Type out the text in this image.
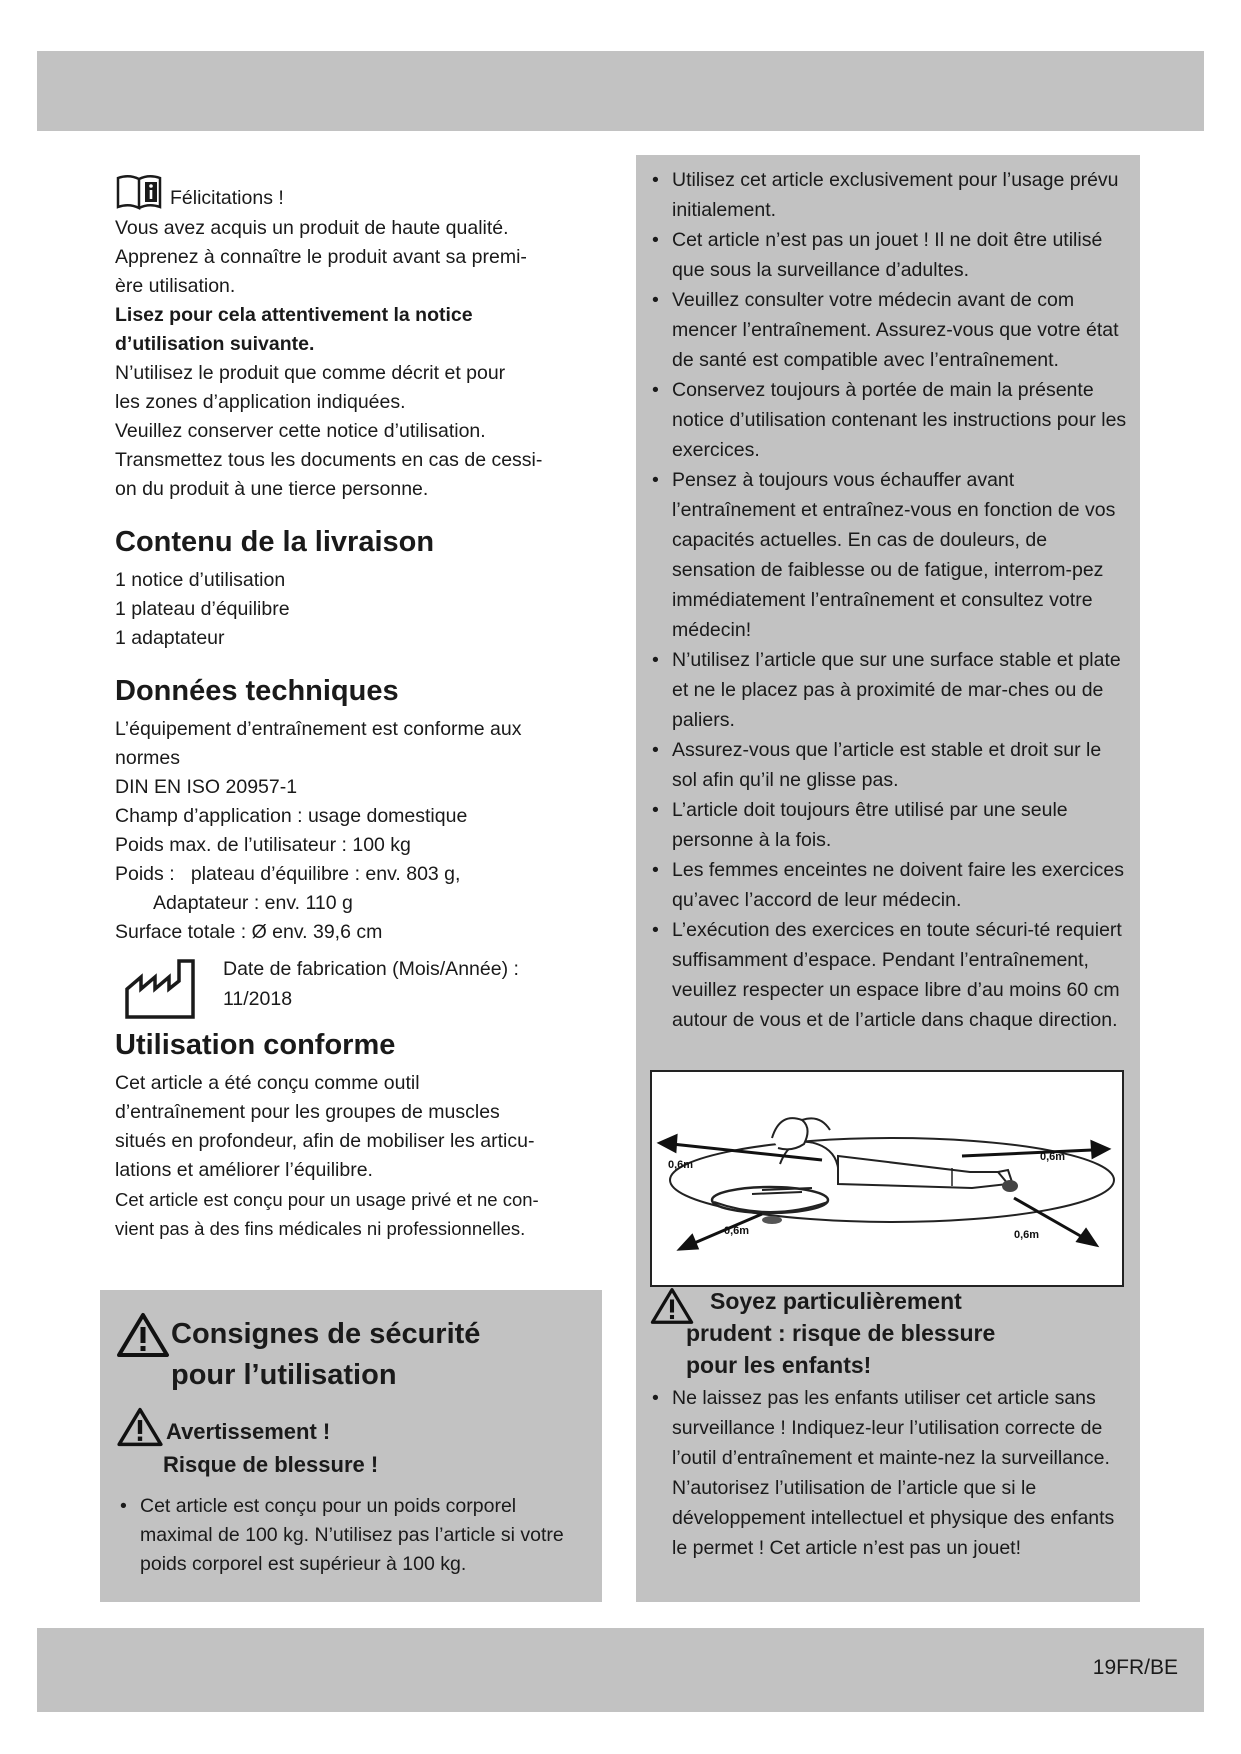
Félicitations !

Vous avez acquis un produit de haute qualité.

Apprenez à connaître le produit avant sa premi-

ère utilisation.

Lisez pour cela attentivement la notice

d’utilisation suivante.

N’utilisez le produit que comme décrit et pour

les zones d’application indiquées.

Veuillez conserver cette notice d’utilisation.

Transmettez tous les documents en cas de cessi-

on du produit à une tierce personne.

Contenu de la livraison

1 notice d’utilisation

1 plateau d’équilibre

1 adaptateur

Données techniques

L’équipement d’entraînement est conforme aux

normes

DIN EN ISO 20957-1

Champ d’application : usage domestique

Poids max. de l’utilisateur : 100 kg

Poids :   plateau d’équilibre : env. 803 g,

Adaptateur : env. 110 g

Surface totale : Ø env. 39,6 cm

Date de fabrication (Mois/Année) :

11/2018

Utilisation conforme

Cet article a été conçu comme outil

d’entraînement pour les groupes de muscles

situés en profondeur, afin de mobiliser les articu-

lations et améliorer l’équilibre.

Cet article est conçu pour un usage privé et ne con-

vient pas à des fins médicales ni professionnelles.

Consignes de sécurité
pour l’utilisation

Avertissement !

Risque de blessure !

• Cet article est conçu pour un poids corporel maximal de 100 kg. N’utilisez pas l’article si votre poids corporel est supérieur à 100 kg.
• Utilisez cet article exclusivement pour l’usage prévu initialement.
• Cet article n’est pas un jouet ! Il ne doit être utilisé que sous la surveillance d’adultes.
• Veuillez consulter votre médecin avant de com mencer l’entraînement. Assurez-vous que votre état de santé est compatible avec l’entraînement.
• Conservez toujours à portée de main la présente notice d’utilisation contenant les instructions pour les exercices.
• Pensez à toujours vous échauffer avant l’entraînement et entraînez-vous en fonction de vos capacités actuelles. En cas de douleurs, de sensation de faiblesse ou de fatigue, interrom-pez immédiatement l’entraînement et consultez votre médecin!
• N’utilisez l’article que sur une surface stable et plate et ne le placez pas à proximité de mar-ches ou de paliers.
• Assurez-vous que l’article est stable et droit sur le sol afin qu’il ne glisse pas.
• L’article doit toujours être utilisé par une seule personne à la fois.
• Les femmes enceintes ne doivent faire les exercices qu’avec l’accord de leur médecin.
• L’exécution des exercices en toute sécuri-té requiert suffisamment d’espace. Pendant l’entraînement, veuillez respecter un espace libre d’au moins 60 cm autour de vous et de l’article dans chaque direction.
0,6m
0,6m
0,6m	0,6m

Soyez particulièrement

prudent : risque de blessure

pour les enfants!

• Ne laissez pas les enfants utiliser cet article sans surveillance ! Indiquez-leur l’utilisation correcte de l’outil d’entraînement et mainte-nez la surveillance. N’autorisez l’utilisation de l’article que si le développement intellectuel et physique des enfants le permet ! Cet article n’est pas un jouet!
19FR/BE
